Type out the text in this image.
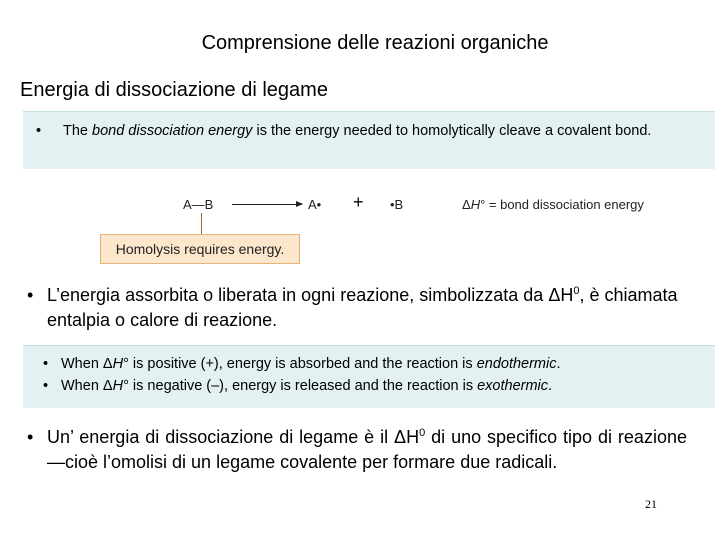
Comprensione delle reazioni organiche
Energia di dissociazione di legame
• The bond dissociation energy is the energy needed to homolytically cleave a covalent bond.
A—B	A• + •B	ΔH° = bond dissociation energy
Homolysis requires energy.
• L’energia assorbita o liberata in ogni reazione, simbolizzata da $\Delta H^0$, è chiamata entalpia o calore di reazione.
• When ΔH° is positive (+), energy is absorbed and the reaction is endothermic.
• When ΔH° is negative (–), energy is released and the reaction is exothermic.
• Un’ energia di dissociazione di legame è il $\Delta H^0$ di uno specifico tipo di reazione—cioè l’omolisi di un legame covalente per formare due radicali.
21
